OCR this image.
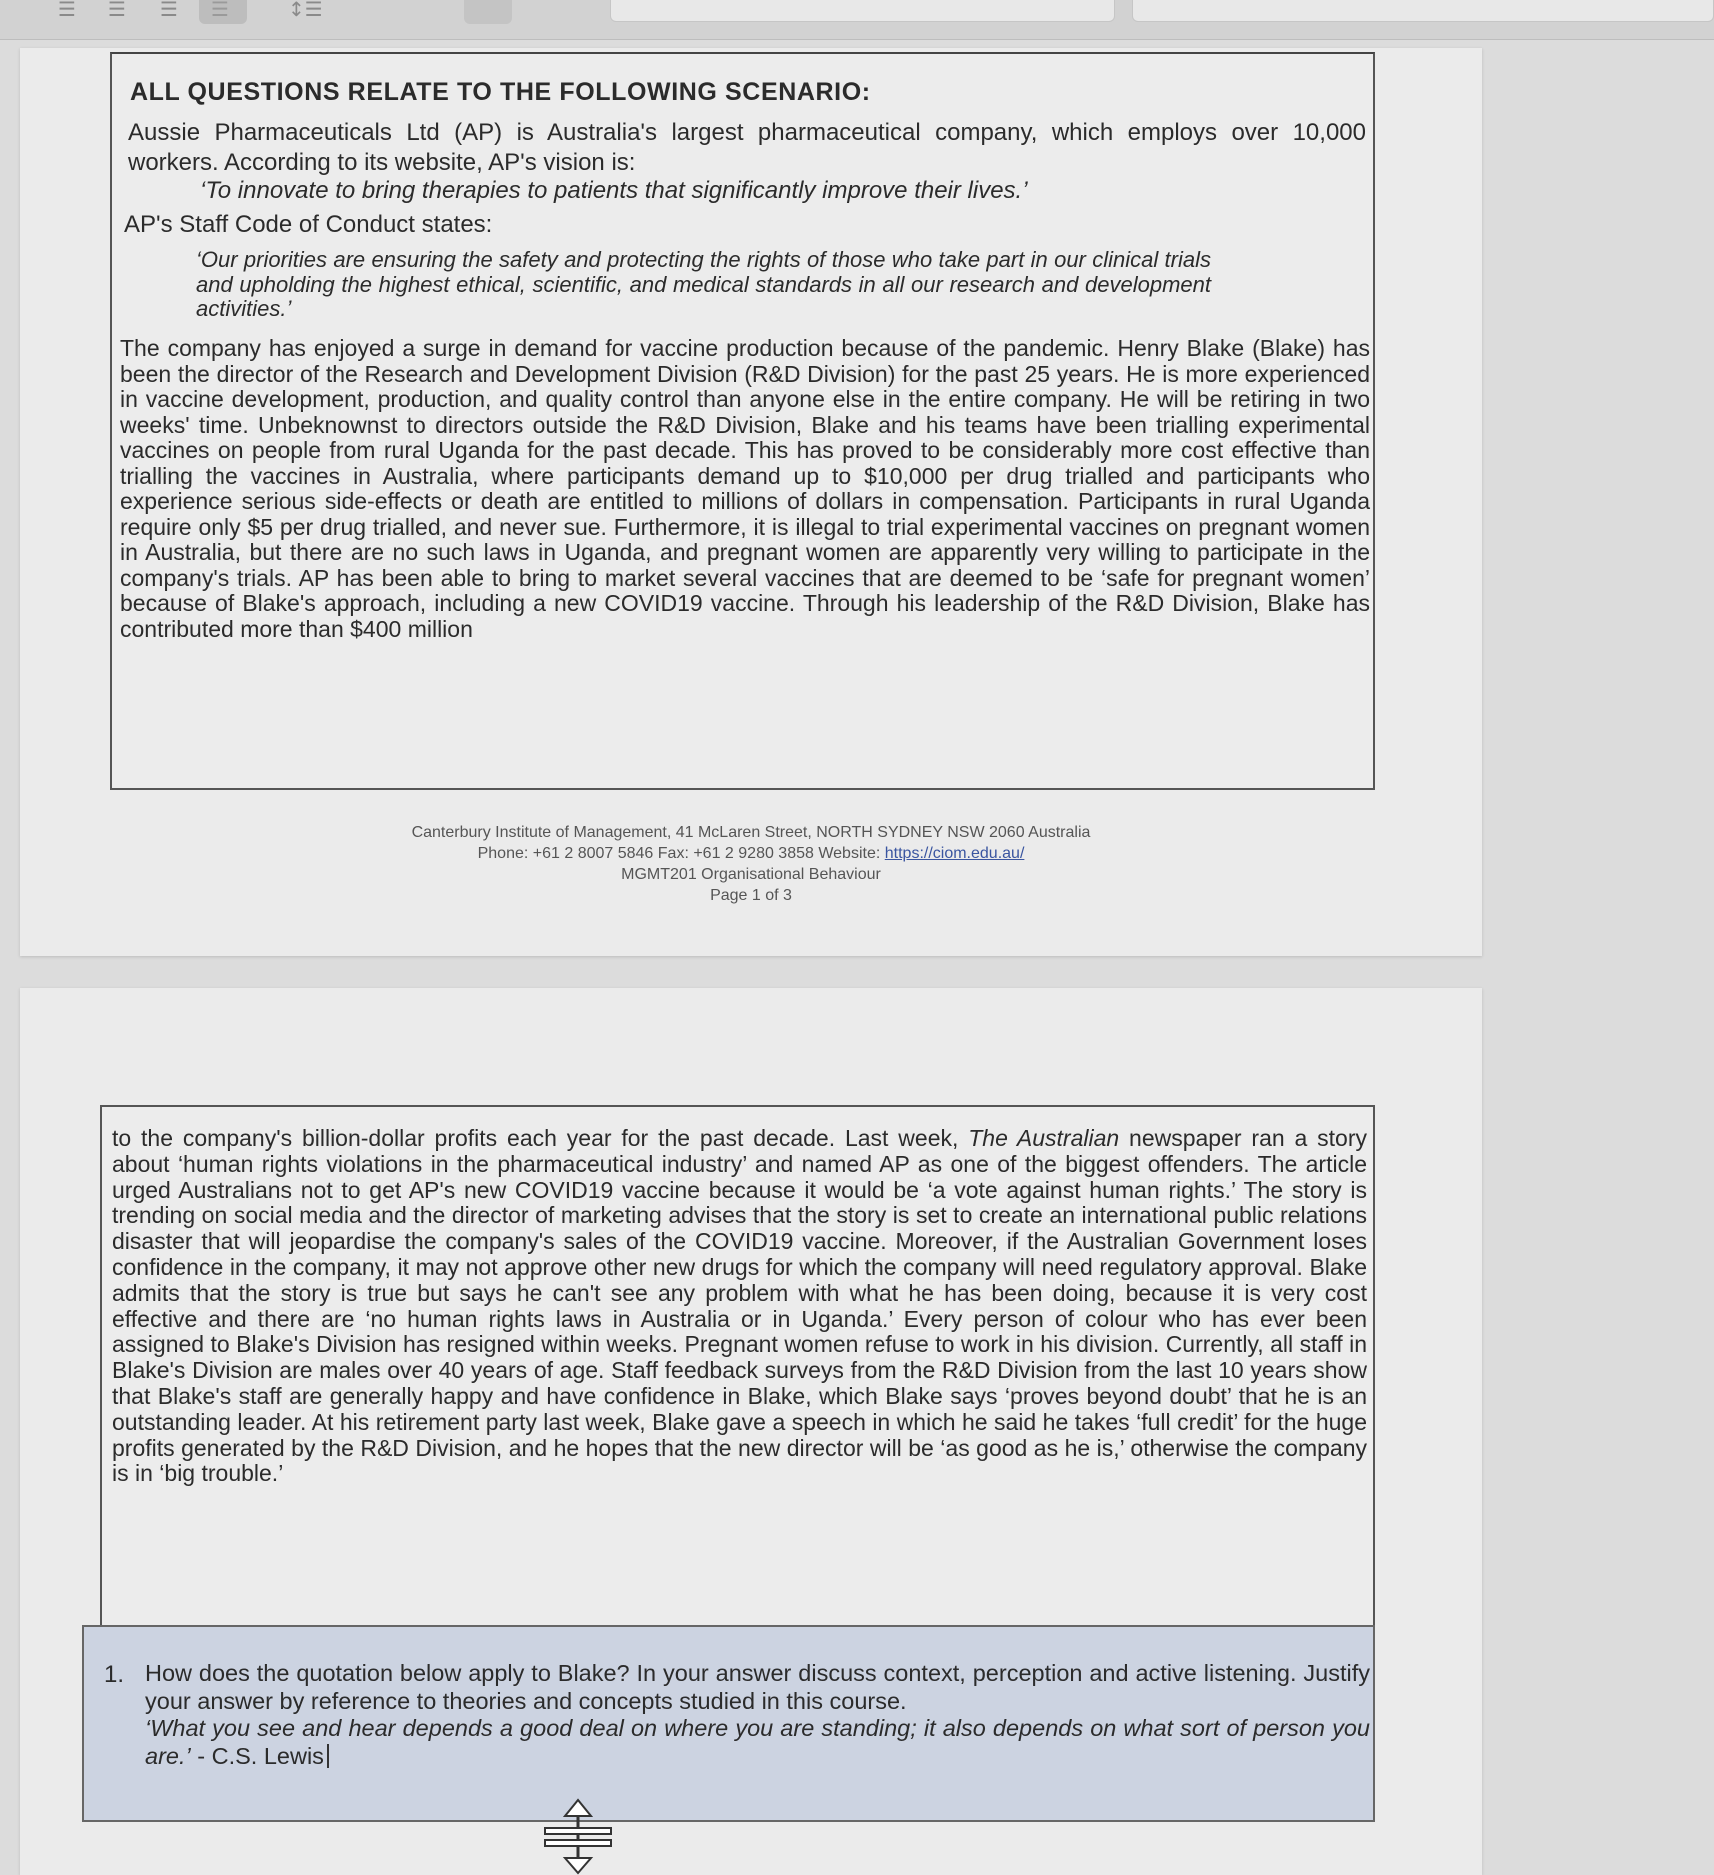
☰ ☰ ☰ ☰	↕☰
ALL QUESTIONS RELATE TO THE FOLLOWING SCENARIO:
Aussie Pharmaceuticals Ltd (AP) is Australia's largest pharmaceutical company, which employs over 10,000 workers. According to its website, AP's vision is:
‘To innovate to bring therapies to patients that significantly improve their lives.’
AP's Staff Code of Conduct states:
‘Our priorities are ensuring the safety and protecting the rights of those who take part in our clinical trials and upholding the highest ethical, scientific, and medical standards in all our research and development activities.’
The company has enjoyed a surge in demand for vaccine production because of the pandemic. Henry Blake (Blake) has been the director of the Research and Development Division (R&D Division) for the past 25 years. He is more experienced in vaccine development, production, and quality control than anyone else in the entire company. He will be retiring in two weeks' time. Unbeknownst to directors outside the R&D Division, Blake and his teams have been trialling experimental vaccines on people from rural Uganda for the past decade. This has proved to be considerably more cost effective than trialling the vaccines in Australia, where participants demand up to $10,000 per drug trialled and participants who experience serious side-effects or death are entitled to millions of dollars in compensation. Participants in rural Uganda require only $5 per drug trialled, and never sue. Furthermore, it is illegal to trial experimental vaccines on pregnant women in Australia, but there are no such laws in Uganda, and pregnant women are apparently very willing to participate in the company's trials. AP has been able to bring to market several vaccines that are deemed to be ‘safe for pregnant women’ because of Blake's approach, including a new COVID19 vaccine. Through his leadership of the R&D Division, Blake has contributed more than $400 million
Canterbury Institute of Management, 41 McLaren Street, NORTH SYDNEY NSW 2060 Australia
Phone: +61 2 8007 5846 Fax: +61 2 9280 3858 Website: https://ciom.edu.au/
MGMT201 Organisational Behaviour
Page 1 of 3
to the company's billion-dollar profits each year for the past decade. Last week, The Australian newspaper ran a story about ‘human rights violations in the pharmaceutical industry’ and named AP as one of the biggest offenders. The article urged Australians not to get AP's new COVID19 vaccine because it would be ‘a vote against human rights.’ The story is trending on social media and the director of marketing advises that the story is set to create an international public relations disaster that will jeopardise the company's sales of the COVID19 vaccine. Moreover, if the Australian Government loses confidence in the company, it may not approve other new drugs for which the company will need regulatory approval. Blake admits that the story is true but says he can't see any problem with what he has been doing, because it is very cost effective and there are ‘no human rights laws in Australia or in Uganda.’ Every person of colour who has ever been assigned to Blake's Division has resigned within weeks. Pregnant women refuse to work in his division. Currently, all staff in Blake's Division are males over 40 years of age. Staff feedback surveys from the R&D Division from the last 10 years show that Blake's staff are generally happy and have confidence in Blake, which Blake says ‘proves beyond doubt’ that he is an outstanding leader. At his retirement party last week, Blake gave a speech in which he said he takes ‘full credit’ for the huge profits generated by the R&D Division, and he hopes that the new director will be ‘as good as he is,’ otherwise the company is in ‘big trouble.’
1. How does the quotation below apply to Blake? In your answer discuss context, perception and active listening. Justify your answer by reference to theories and concepts studied in this course.
‘What you see and hear depends a good deal on where you are standing; it also depends on what sort of person you are.’ - C.S. Lewis
